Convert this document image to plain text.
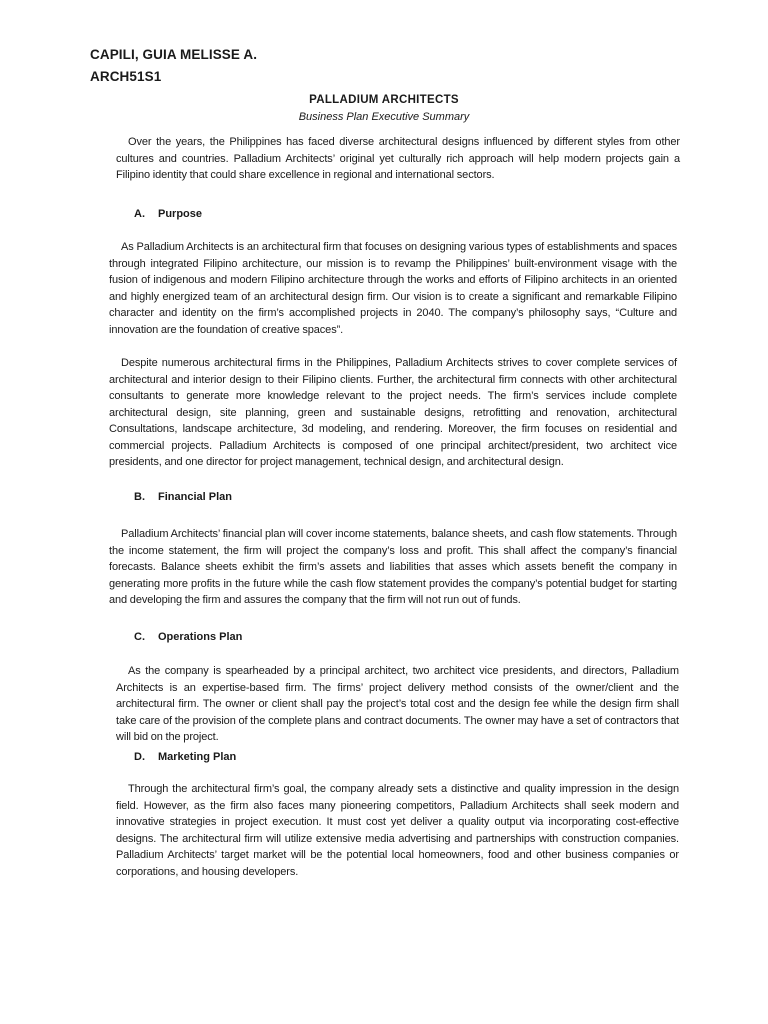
CAPILI, GUIA MELISSE A.
ARCH51S1
PALLADIUM ARCHITECTS
Business Plan Executive Summary

Over the years, the Philippines has faced diverse architectural designs influenced by different styles from other cultures and countries. Palladium Architects’ original yet culturally rich approach will help modern projects gain a Filipino identity that could share excellence in regional and international sectors.

A. Purpose

As Palladium Architects is an architectural firm that focuses on designing various types of establishments and spaces through integrated Filipino architecture, our mission is to revamp the Philippines’ built-environment visage with the fusion of indigenous and modern Filipino architecture through the works and efforts of Filipino architects in an oriented and highly energized team of an architectural design firm. Our vision is to create a significant and remarkable Filipino character and identity on the firm’s accomplished projects in 2040. The company’s philosophy says, “Culture and innovation are the foundation of creative spaces”.

Despite numerous architectural firms in the Philippines, Palladium Architects strives to cover complete services of architectural and interior design to their Filipino clients. Further, the architectural firm connects with other architectural consultants to generate more knowledge relevant to the project needs. The firm’s services include complete architectural design, site planning, green and sustainable designs, retrofitting and renovation, architectural Consultations, landscape architecture, 3d modeling, and rendering. Moreover, the firm focuses on residential and commercial projects. Palladium Architects is composed of one principal architect/president, two architect vice presidents, and one director for project management, technical design, and architectural design.

B. Financial Plan

Palladium Architects’ financial plan will cover income statements, balance sheets, and cash flow statements. Through the income statement, the firm will project the company’s loss and profit. This shall affect the company’s financial forecasts. Balance sheets exhibit the firm’s assets and liabilities that asses which assets benefit the company in generating more profits in the future while the cash flow statement provides the company’s potential budget for starting and developing the firm and assures the company that the firm will not run out of funds.

C. Operations Plan

As the company is spearheaded by a principal architect, two architect vice presidents, and directors, Palladium Architects is an expertise-based firm. The firms’ project delivery method consists of the owner/client and the architectural firm. The owner or client shall pay the project’s total cost and the design fee while the design firm shall take care of the provision of the complete plans and contract documents. The owner may have a set of contractors that will bid on the project.

D. Marketing Plan

Through the architectural firm’s goal, the company already sets a distinctive and quality impression in the design field. However, as the firm also faces many pioneering competitors, Palladium Architects shall seek modern and innovative strategies in project execution. It must cost yet deliver a quality output via incorporating cost-effective designs. The architectural firm will utilize extensive media advertising and partnerships with construction companies. Palladium Architects’ target market will be the potential local homeowners, food and other business companies or corporations, and housing developers.
